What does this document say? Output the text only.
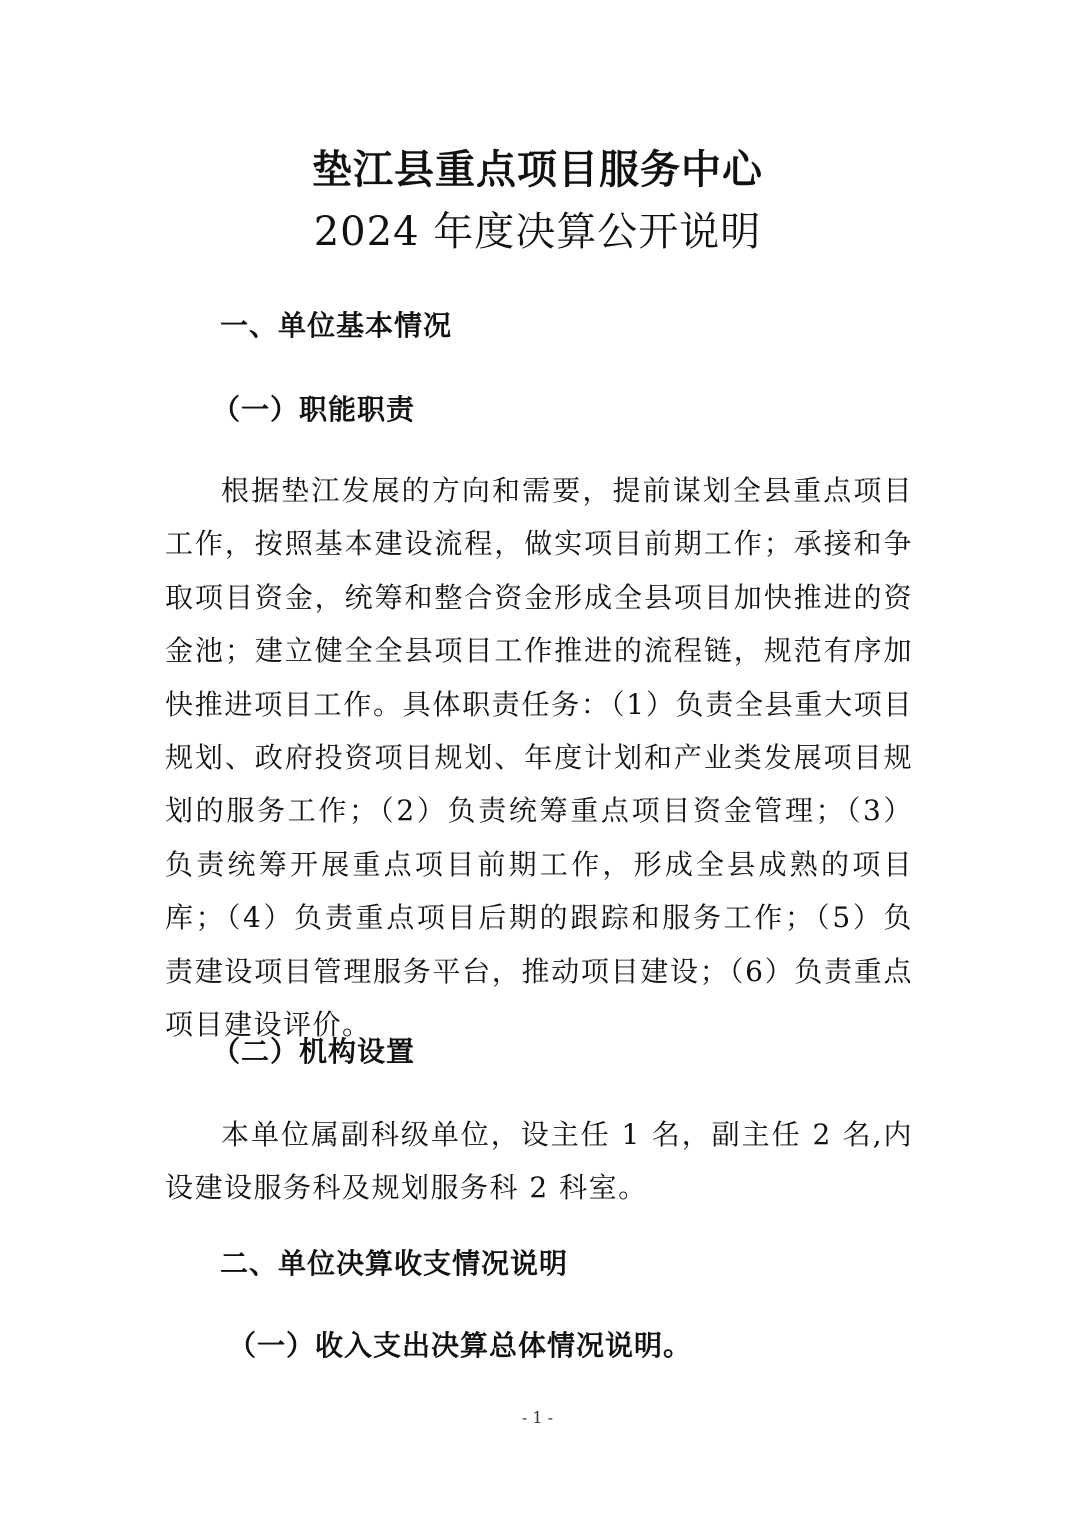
垫江县重点项目服务中心
2024 年度决算公开说明
一、单位基本情况
（一）职能职责
根据垫江发展的方向和需要，提前谋划全县重点项目工作，按照基本建设流程，做实项目前期工作；承接和争取项目资金，统筹和整合资金形成全县项目加快推进的资金池；建立健全全县项目工作推进的流程链，规范有序加快推进项目工作。具体职责任务：（1）负责全县重大项目规划、政府投资项目规划、年度计划和产业类发展项目规划的服务工作；（2）负责统筹重点项目资金管理；（3）负责统筹开展重点项目前期工作，形成全县成熟的项目库；（4）负责重点项目后期的跟踪和服务工作；（5）负责建设项目管理服务平台，推动项目建设；（6）负责重点项目建设评价。
（二）机构设置
本单位属副科级单位，设主任 1 名，副主任 2 名,内设建设服务科及规划服务科 2 科室。
二、单位决算收支情况说明
（一）收入支出决算总体情况说明。
- 1 -
